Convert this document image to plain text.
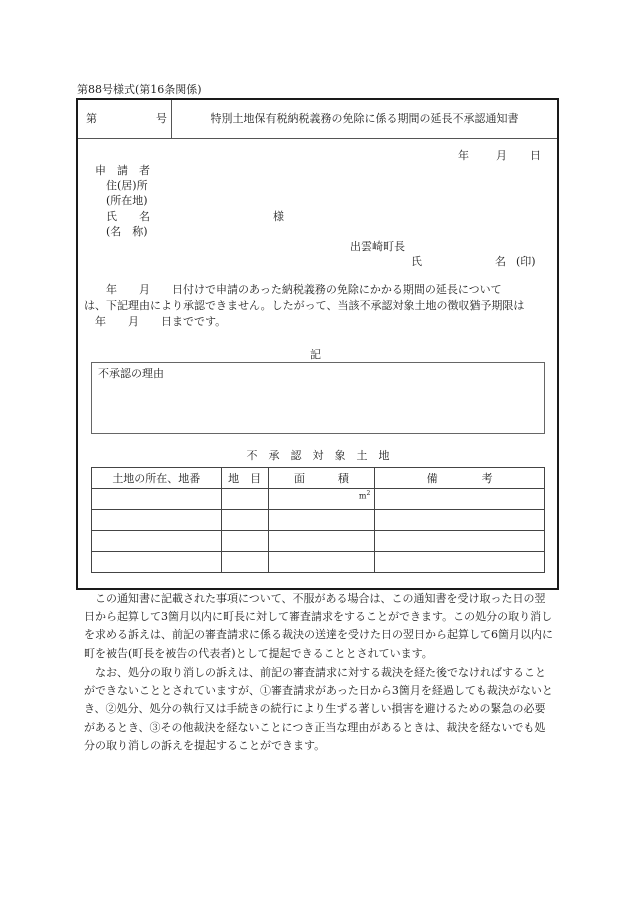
第88号様式(第16条関係)
第	号	特別土地保有税納税義務の免除に係る期間の延長不承認通知書
年 月 日
申　請　者
住(居)所
(所在地)
氏　　名
(名　称)
様
出雲崎町長
氏	名 (印)
　　年　　月　　日付けで申請のあった納税義務の免除にかかる期間の延長について
は、下記理由により承認できません。したがって、当該不承認対象土地の徴収猶予期限は
　年　　月　　日までです。
記
不承認の理由
不　承　認　対　象　土　地
土地の所在、地番	地　目	面　　　積	備　　　　考
		$m^2$	

　この通知書に記載された事項について、不服がある場合は、この通知書を受け取った日の翌日から起算して3箇月以内に町長に対して審査請求をすることができます。この処分の取り消しを求める訴えは、前記の審査請求に係る裁決の送達を受けた日の翌日から起算して6箇月以内に町を被告(町長を被告の代表者)として提起できることとされています。
　なお、処分の取り消しの訴えは、前記の審査請求に対する裁決を経た後でなければすることができないこととされていますが、①審査請求があった日から3箇月を経過しても裁決がないとき、②処分、処分の執行又は手続きの続行により生ずる著しい損害を避けるための緊急の必要があるとき、③その他裁決を経ないことにつき正当な理由があるときは、裁決を経ないでも処分の取り消しの訴えを提起することができます。
